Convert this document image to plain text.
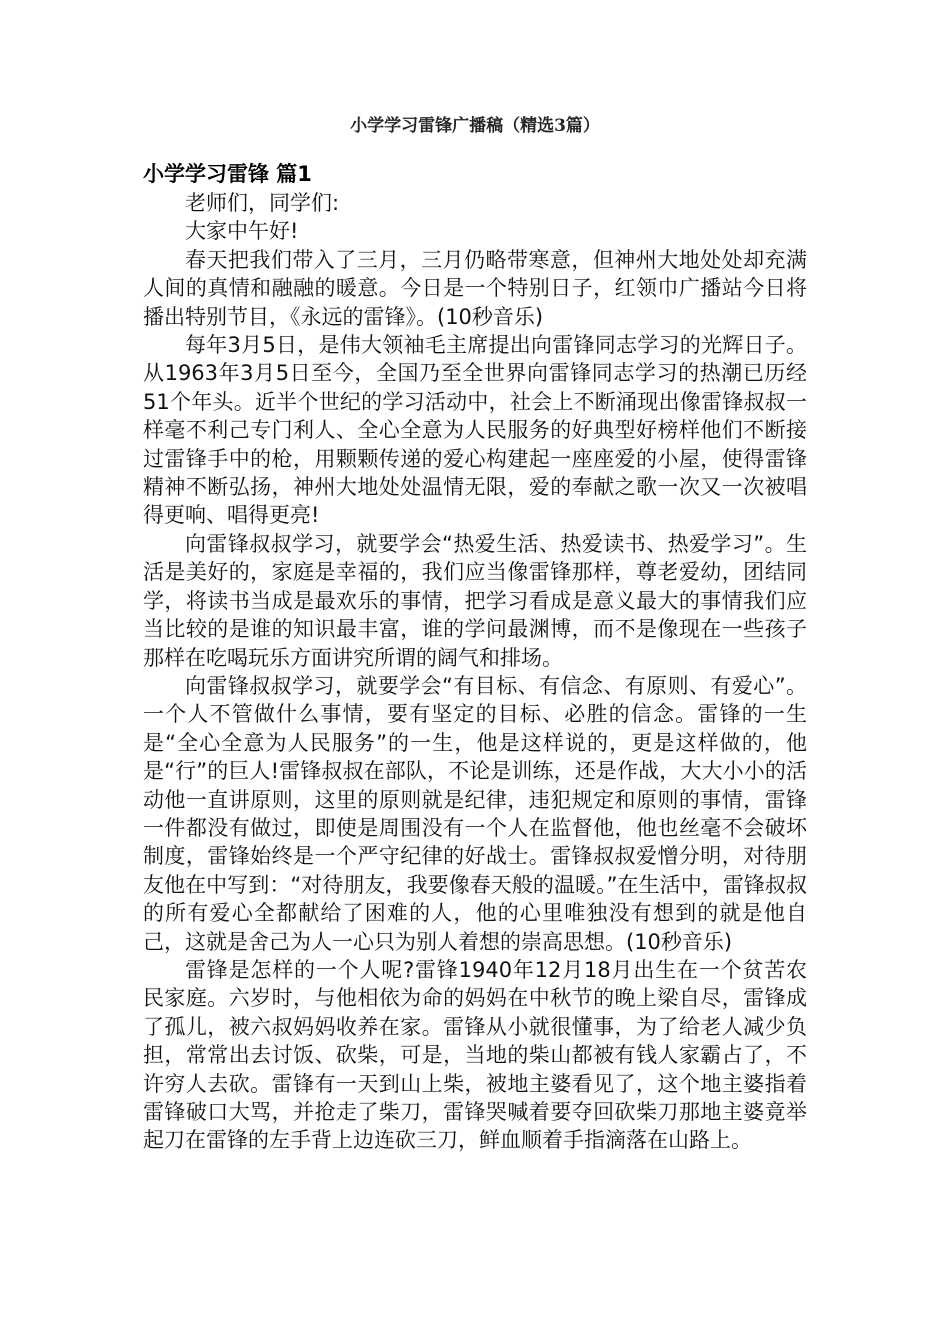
小学学习雷锋广播稿（精选3篇）
小学学习雷锋 篇1

老师们，同学们:

大家中午好!

春天把我们带入了三月，三月仍略带寒意，但神州大地处处却充满人间的真情和融融的暖意。今日是一个特别日子，红领巾广播站今日将播出特别节目，《永远的雷锋》。(10秒音乐)

每年3月5日，是伟大领袖毛主席提出向雷锋同志学习的光辉日子。从1963年3月5日至今，全国乃至全世界向雷锋同志学习的热潮已历经51个年头。近半个世纪的学习活动中，社会上不断涌现出像雷锋叔叔一样毫不利己专门利人、全心全意为人民服务的好典型好榜样他们不断接过雷锋手中的枪，用颗颗传递的爱心构建起一座座爱的小屋，使得雷锋精神不断弘扬，神州大地处处温情无限，爱的奉献之歌一次又一次被唱得更响、唱得更亮!

向雷锋叔叔学习，就要学会“热爱生活、热爱读书、热爱学习”。生活是美好的，家庭是幸福的，我们应当像雷锋那样，尊老爱幼，团结同学，将读书当成是最欢乐的事情，把学习看成是意义最大的事情我们应当比较的是谁的知识最丰富，谁的学问最渊博，而不是像现在一些孩子那样在吃喝玩乐方面讲究所谓的阔气和排场。

向雷锋叔叔学习，就要学会“有目标、有信念、有原则、有爱心”。一个人不管做什么事情，要有坚定的目标、必胜的信念。雷锋的一生是“全心全意为人民服务”的一生，他是这样说的，更是这样做的，他是“行”的巨人!雷锋叔叔在部队，不论是训练，还是作战，大大小小的活动他一直讲原则，这里的原则就是纪律，违犯规定和原则的事情，雷锋一件都没有做过，即使是周围没有一个人在监督他，他也丝毫不会破坏制度，雷锋始终是一个严守纪律的好战士。雷锋叔叔爱憎分明，对待朋友他在中写到：“对待朋友，我要像春天般的温暖。”在生活中，雷锋叔叔的所有爱心全都献给了困难的人，他的心里唯独没有想到的就是他自己，这就是舍己为人一心只为别人着想的崇高思想。(10秒音乐)

雷锋是怎样的一个人呢?雷锋1940年12月18月出生在一个贫苦农民家庭。六岁时，与他相依为命的妈妈在中秋节的晚上梁自尽，雷锋成了孤儿，被六叔妈妈收养在家。雷锋从小就很懂事，为了给老人减少负担，常常出去讨饭、砍柴，可是，当地的柴山都被有钱人家霸占了，不许穷人去砍。雷锋有一天到山上柴，被地主婆看见了，这个地主婆指着雷锋破口大骂，并抢走了柴刀，雷锋哭喊着要夺回砍柴刀那地主婆竟举起刀在雷锋的左手背上边连砍三刀，鲜血顺着手指滴落在山路上。
